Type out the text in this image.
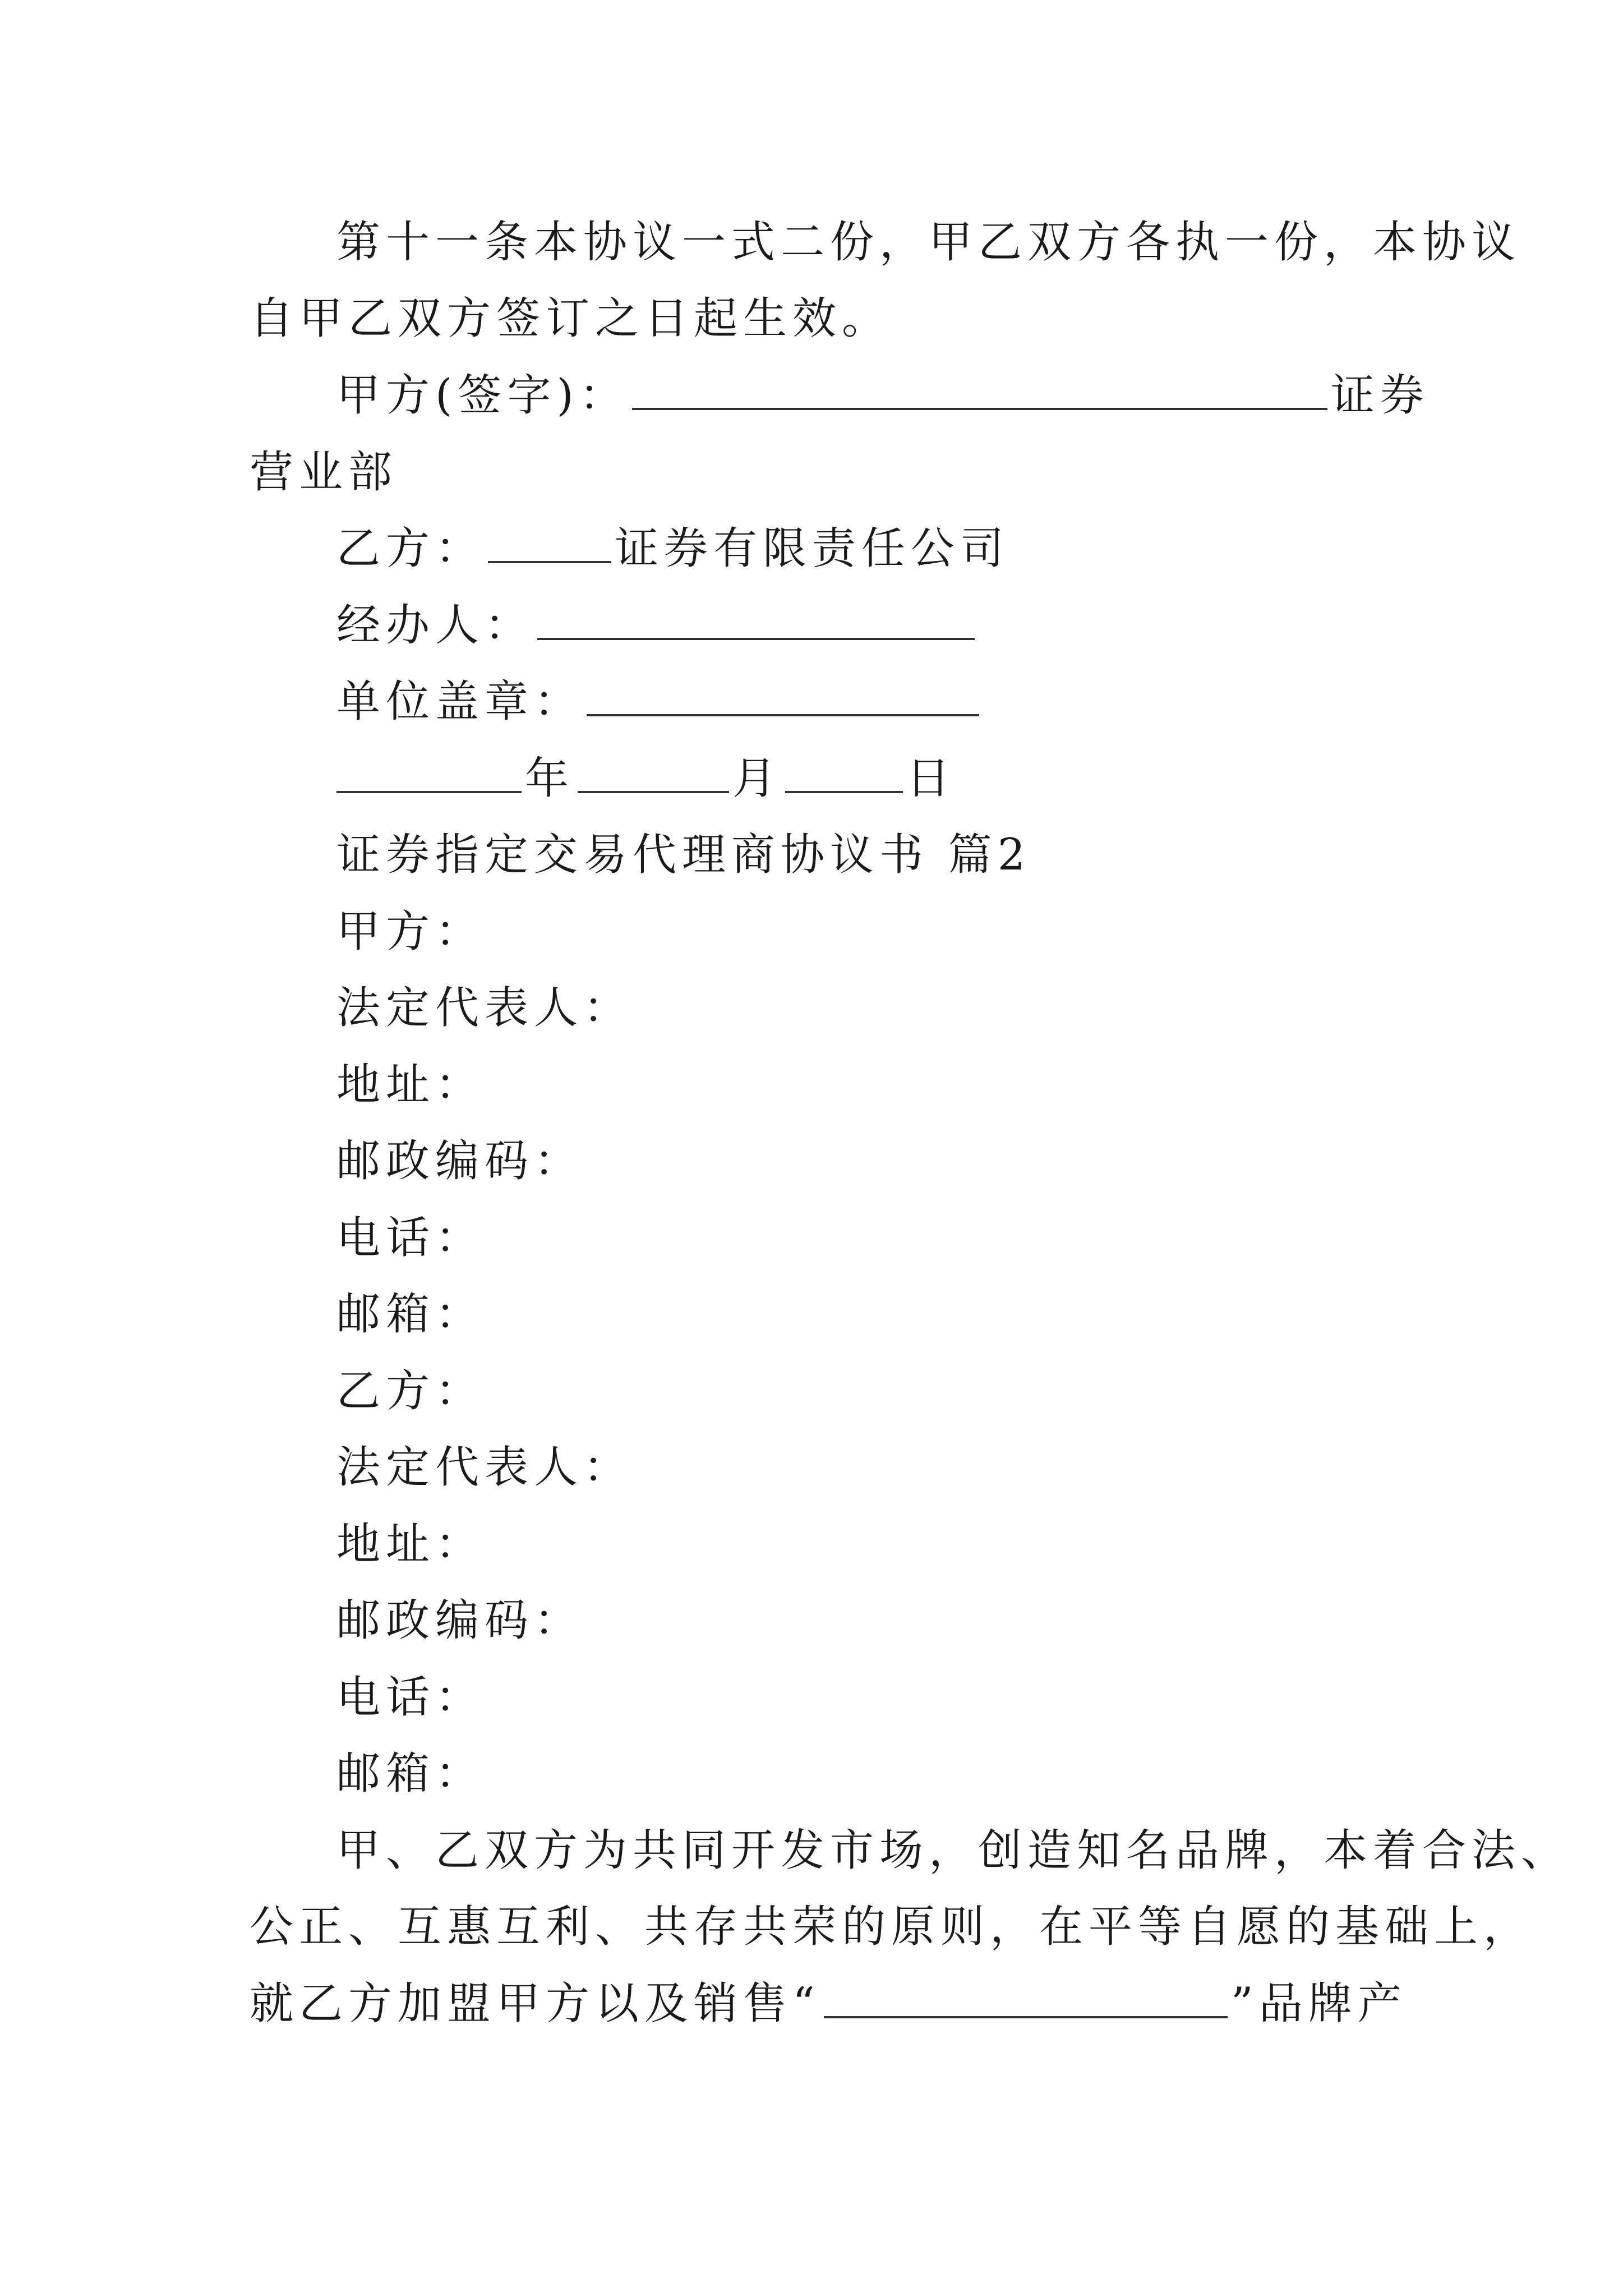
第十一条本协议一式二份，甲乙双方各执一份，本协议
自甲乙双方签订之日起生效。
甲方(签字)：	证券
营业部
乙方：	证券有限责任公司
经办人：
单位盖章：
年	月	日
证券指定交易代理商协议书 篇2
甲方：
法定代表人：
地址：
邮政编码：
电话：
邮箱：
乙方：
法定代表人：
地址：
邮政编码：
电话：
邮箱：
甲、乙双方为共同开发市场，创造知名品牌，本着合法、
公正、互惠互利、共存共荣的原则，在平等自愿的基础上，
就乙方加盟甲方以及销售“	”品牌产
